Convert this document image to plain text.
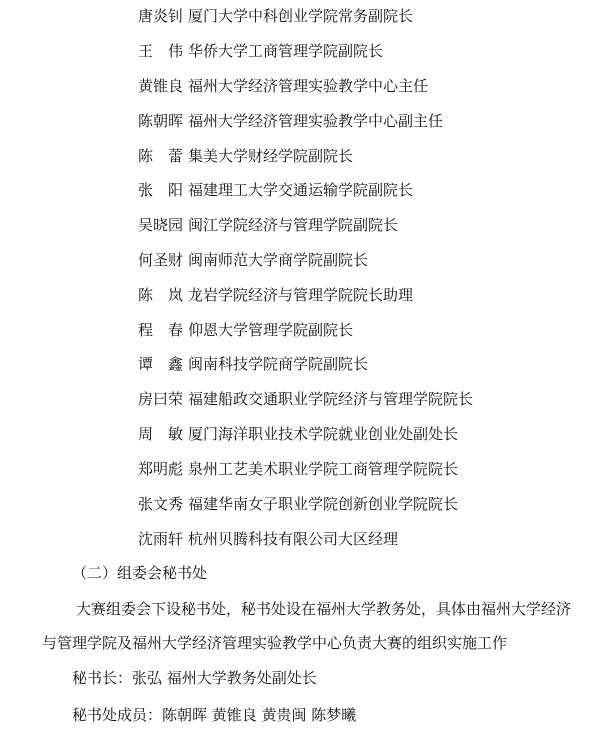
唐炎钊 厦门大学中科创业学院常务副院长
王　伟 华侨大学工商管理学院副院长
黄锥良 福州大学经济管理实验教学中心主任
陈朝晖 福州大学经济管理实验教学中心副主任
陈　蕾 集美大学财经学院副院长
张　阳 福建理工大学交通运输学院副院长
吴晓园 闽江学院经济与管理学院副院长
何圣财 闽南师范大学商学院副院长
陈　岚 龙岩学院经济与管理学院院长助理
程　春 仰恩大学管理学院副院长
谭　鑫 闽南科技学院商学院副院长
房曰荣 福建船政交通职业学院经济与管理学院院长
周　敏 厦门海洋职业技术学院就业创业处副处长
郑明彪 泉州工艺美术职业学院工商管理学院院长
张文秀 福建华南女子职业学院创新创业学院院长
沈雨轩 杭州贝腾科技有限公司大区经理
（二）组委会秘书处
大赛组委会下设秘书处，秘书处设在福州大学教务处，具体由福州大学经济
与管理学院及福州大学经济管理实验教学中心负责大赛的组织实施工作
秘书长：张弘 福州大学教务处副处长
秘书处成员：陈朝晖 黄锥良 黄贵闽 陈梦曦
